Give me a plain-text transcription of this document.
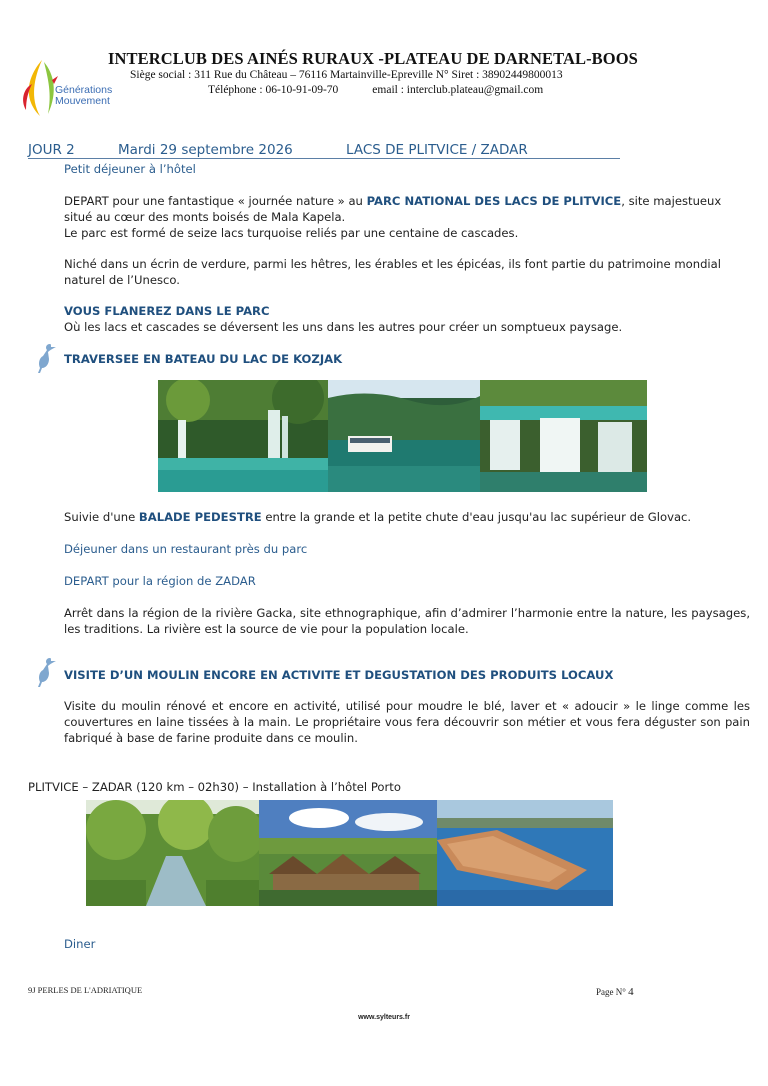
Générations
Mouvement
INTERCLUB DES AINÉS RURAUX -PLATEAU DE DARNETAL-BOOS
Siège social : 311 Rue du Château – 76116 Martainville-Epreville N° Siret : 38902449800013
Téléphone : 06-10-91-09-70	email : interclub.plateau@gmail.com
JOUR 2	Mardi 29 septembre 2026	LACS DE PLITVICE / ZADAR
Petit déjeuner à l’hôtel
DEPART pour une fantastique « journée nature » au PARC NATIONAL DES LACS DE PLITVICE, site majestueux situé au cœur des monts boisés de Mala Kapela.
Le parc est formé de seize lacs turquoise reliés par une centaine de cascades.
Niché dans un écrin de verdure, parmi les hêtres, les érables et les épicéas, ils font partie du patrimoine mondial naturel de l’Unesco.
VOUS FLANEREZ DANS LE PARC
Où les lacs et cascades se déversent les uns dans les autres pour créer un somptueux paysage.
TRAVERSEE EN BATEAU DU LAC DE KOZJAK
Suivie d'une BALADE PEDESTRE entre la grande et la petite chute d'eau jusqu'au lac supérieur de Glovac.
Déjeuner dans un restaurant près du parc
DEPART pour la région de ZADAR
Arrêt dans la région de la rivière Gacka, site ethnographique, afin d’admirer l’harmonie entre la nature, les paysages, les traditions. La rivière est la source de vie pour la population locale.
VISITE D’UN MOULIN ENCORE EN ACTIVITE ET DEGUSTATION DES PRODUITS LOCAUX
Visite du moulin rénové et encore en activité, utilisé pour moudre le blé, laver et « adoucir » le linge comme les couvertures en laine tissées à la main. Le propriétaire vous fera découvrir son métier et vous fera déguster son pain fabriqué à base de farine produite dans ce moulin.
PLITVICE – ZADAR (120 km – 02h30) – Installation à l’hôtel Porto
Diner
9J PERLES DE L'ADRIATIQUE	Page N° 4
www.sylteurs.fr
